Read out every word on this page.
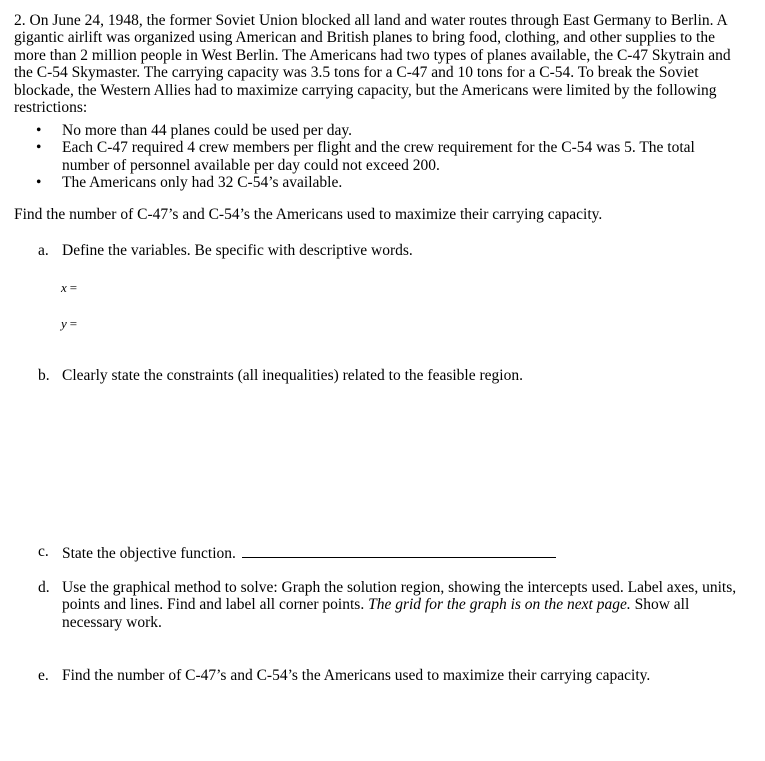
2. On June 24, 1948, the former Soviet Union blocked all land and water routes through East Germany to Berlin. A gigantic airlift was organized using American and British planes to bring food, clothing, and other supplies to the more than 2 million people in West Berlin. The Americans had two types of planes available, the C-47 Skytrain and the C-54 Skymaster. The carrying capacity was 3.5 tons for a C-47 and 10 tons for a C-54. To break the Soviet blockade, the Western Allies had to maximize carrying capacity, but the Americans were limited by the following restrictions:

• No more than 44 planes could be used per day.
• Each C-47 required 4 crew members per flight and the crew requirement for the C-54 was 5. The total number of personnel available per day could not exceed 200.
• The Americans only had 32 C-54’s available.

Find the number of C-47’s and C-54’s the Americans used to maximize their carrying capacity.

a. Define the variables. Be specific with descriptive words.
x =
y =
b. Clearly state the constraints (all inequalities) related to the feasible region.
c. State the objective function.
d. Use the graphical method to solve: Graph the solution region, showing the intercepts used. Label axes, units, points and lines. Find and label all corner points. The grid for the graph is on the next page. Show all necessary work.
e. Find the number of C-47’s and C-54’s the Americans used to maximize their carrying capacity.
